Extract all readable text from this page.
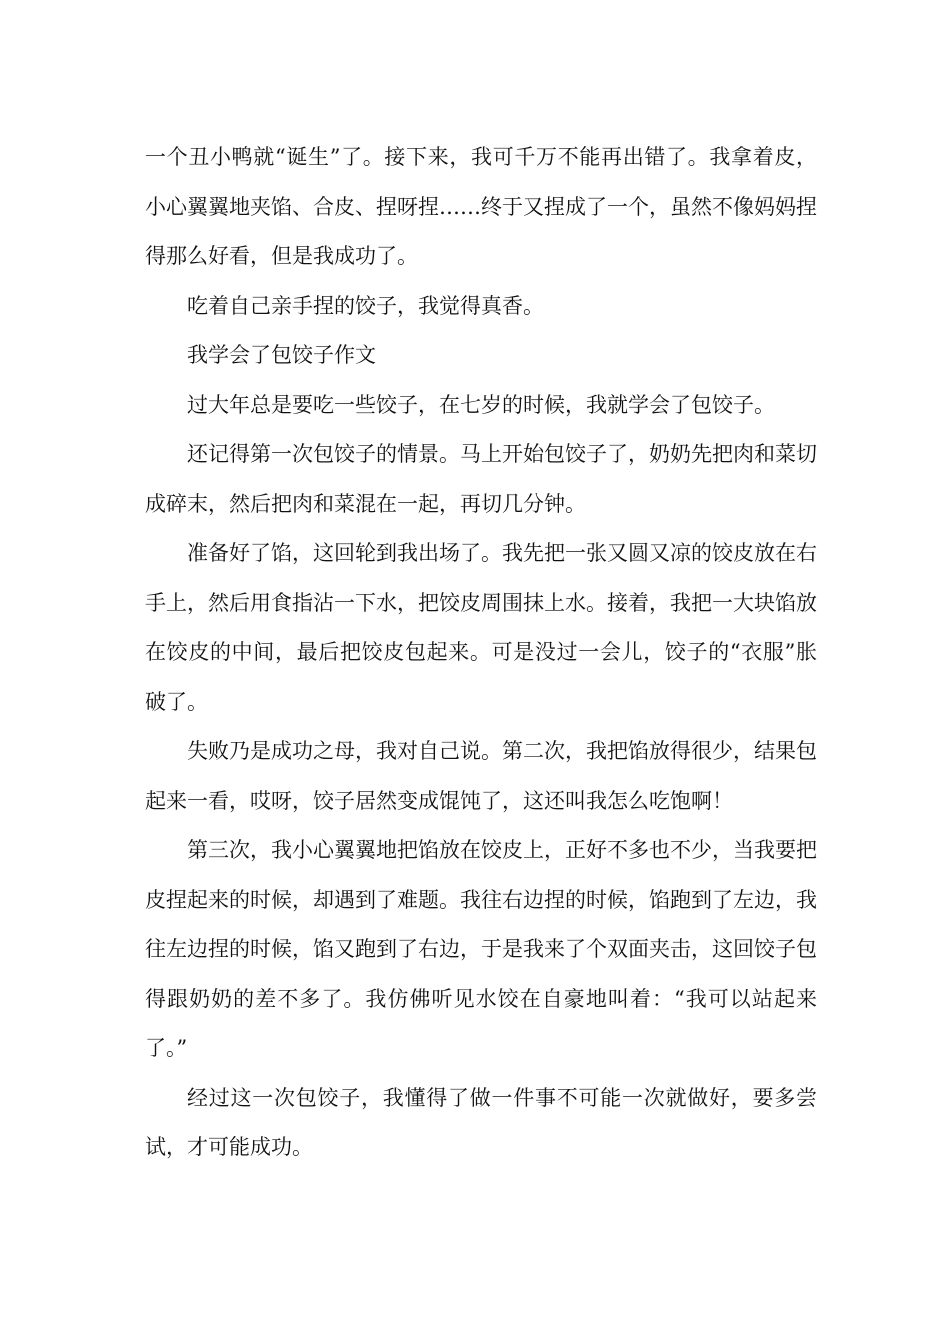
一个丑小鸭就“诞生”了。接下来，我可千万不能再出错了。我拿着皮，小心翼翼地夹馅、合皮、捏呀捏……终于又捏成了一个，虽然不像妈妈捏得那么好看，但是我成功了。

吃着自己亲手捏的饺子，我觉得真香。

我学会了包饺子作文

过大年总是要吃一些饺子，在七岁的时候，我就学会了包饺子。

还记得第一次包饺子的情景。马上开始包饺子了，奶奶先把肉和菜切成碎末，然后把肉和菜混在一起，再切几分钟。

准备好了馅，这回轮到我出场了。我先把一张又圆又凉的饺皮放在右手上，然后用食指沾一下水，把饺皮周围抹上水。接着，我把一大块馅放在饺皮的中间，最后把饺皮包起来。可是没过一会儿，饺子的“衣服”胀破了。

失败乃是成功之母，我对自己说。第二次，我把馅放得很少，结果包起来一看，哎呀，饺子居然变成馄饨了，这还叫我怎么吃饱啊！

第三次，我小心翼翼地把馅放在饺皮上，正好不多也不少，当我要把皮捏起来的时候，却遇到了难题。我往右边捏的时候，馅跑到了左边，我往左边捏的时候，馅又跑到了右边，于是我来了个双面夹击，这回饺子包得跟奶奶的差不多了。我仿佛听见水饺在自豪地叫着：“我可以站起来了。”

经过这一次包饺子，我懂得了做一件事不可能一次就做好，要多尝试，才可能成功。
